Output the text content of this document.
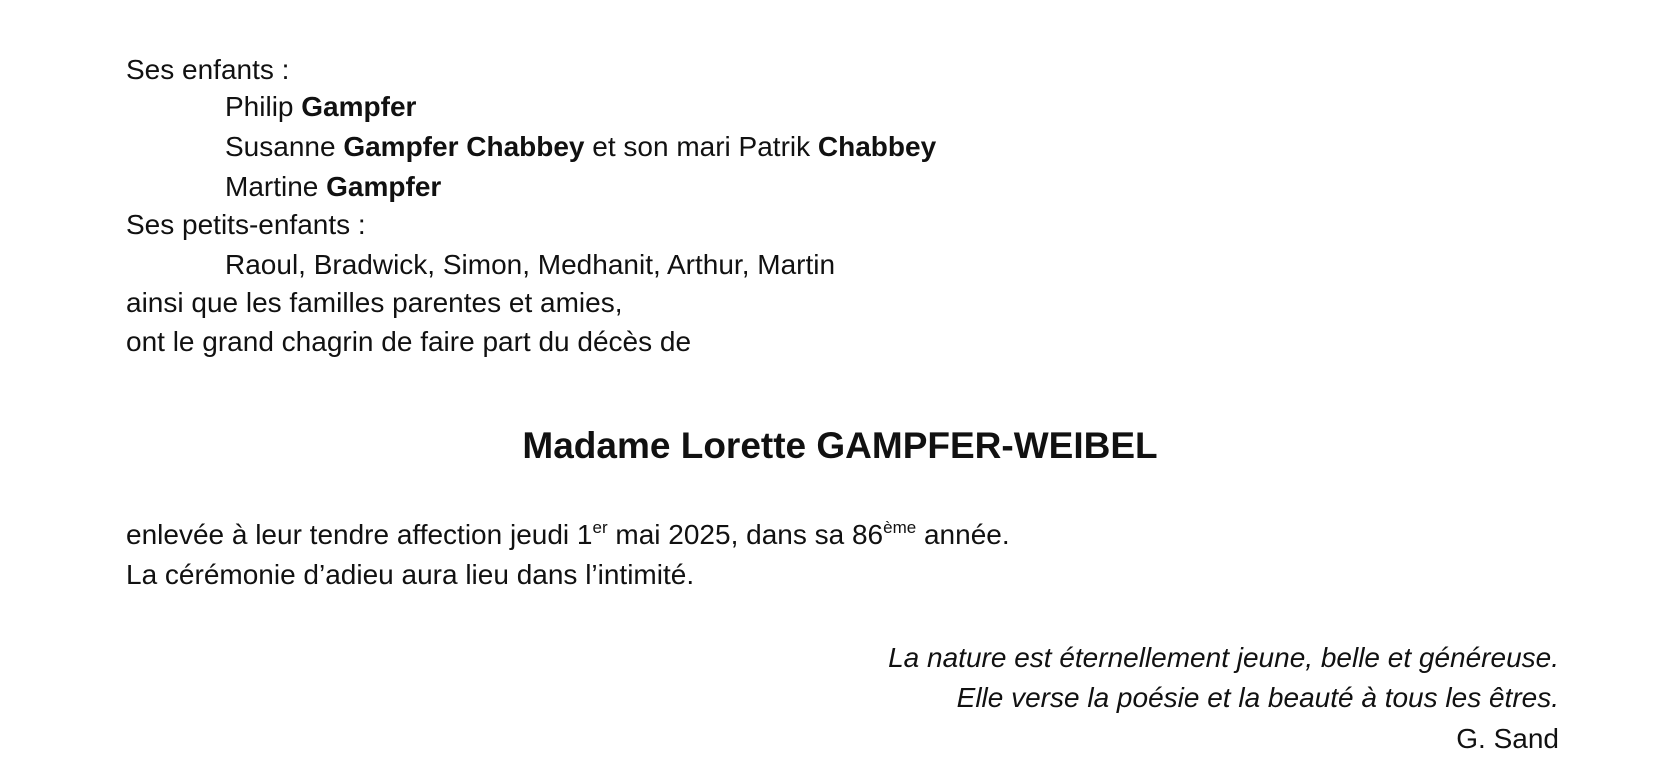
Ses enfants :
Philip Gampfer
Susanne Gampfer Chabbey et son mari Patrik Chabbey
Martine Gampfer
Ses petits-enfants :
Raoul, Bradwick, Simon, Medhanit, Arthur, Martin
ainsi que les familles parentes et amies,
ont le grand chagrin de faire part du décès de
Madame Lorette GAMPFER-WEIBEL
enlevée à leur tendre affection jeudi 1er mai 2025, dans sa 86ème année.
La cérémonie d’adieu aura lieu dans l’intimité.
La nature est éternellement jeune, belle et généreuse.
Elle verse la poésie et la beauté à tous les êtres.
G. Sand
